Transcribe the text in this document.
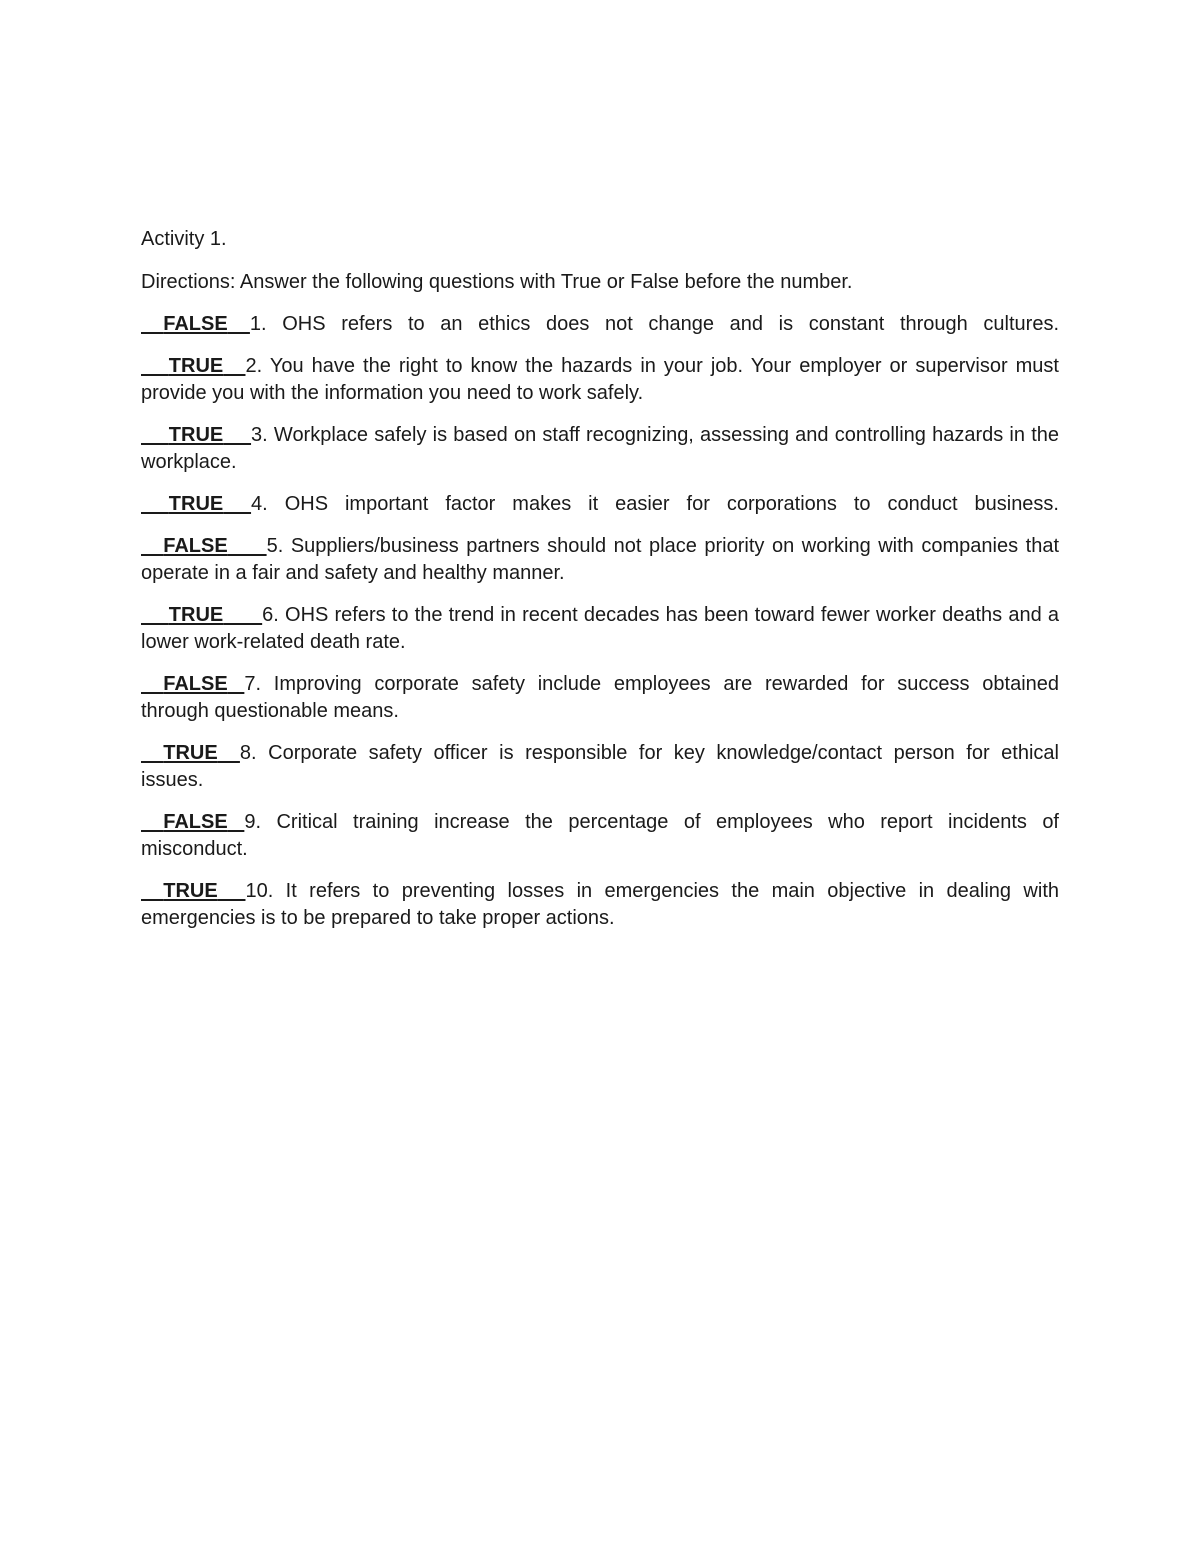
Activity 1.

Directions: Answer the following questions with True or False before the number.

FALSE 1. OHS refers to an ethics does not change and is constant through cultures.

TRUE 2. You have the right to know the hazards in your job. Your employer or supervisor must provide you with the information you need to work safely.

TRUE 3. Workplace safely is based on staff recognizing, assessing and controlling hazards in the workplace.

TRUE 4. OHS important factor makes it easier for corporations to conduct business.

FALSE 5. Suppliers/business partners should not place priority on working with companies that operate in a fair and safety and healthy manner.

TRUE 6. OHS refers to the trend in recent decades has been toward fewer worker deaths and a lower work-related death rate.

FALSE 7. Improving corporate safety include employees are rewarded for success obtained through questionable means.

TRUE 8. Corporate safety officer is responsible for key knowledge/contact person for ethical issues.

FALSE 9. Critical training increase the percentage of employees who report incidents of misconduct.

TRUE 10. It refers to preventing losses in emergencies the main objective in dealing with emergencies is to be prepared to take proper actions.
